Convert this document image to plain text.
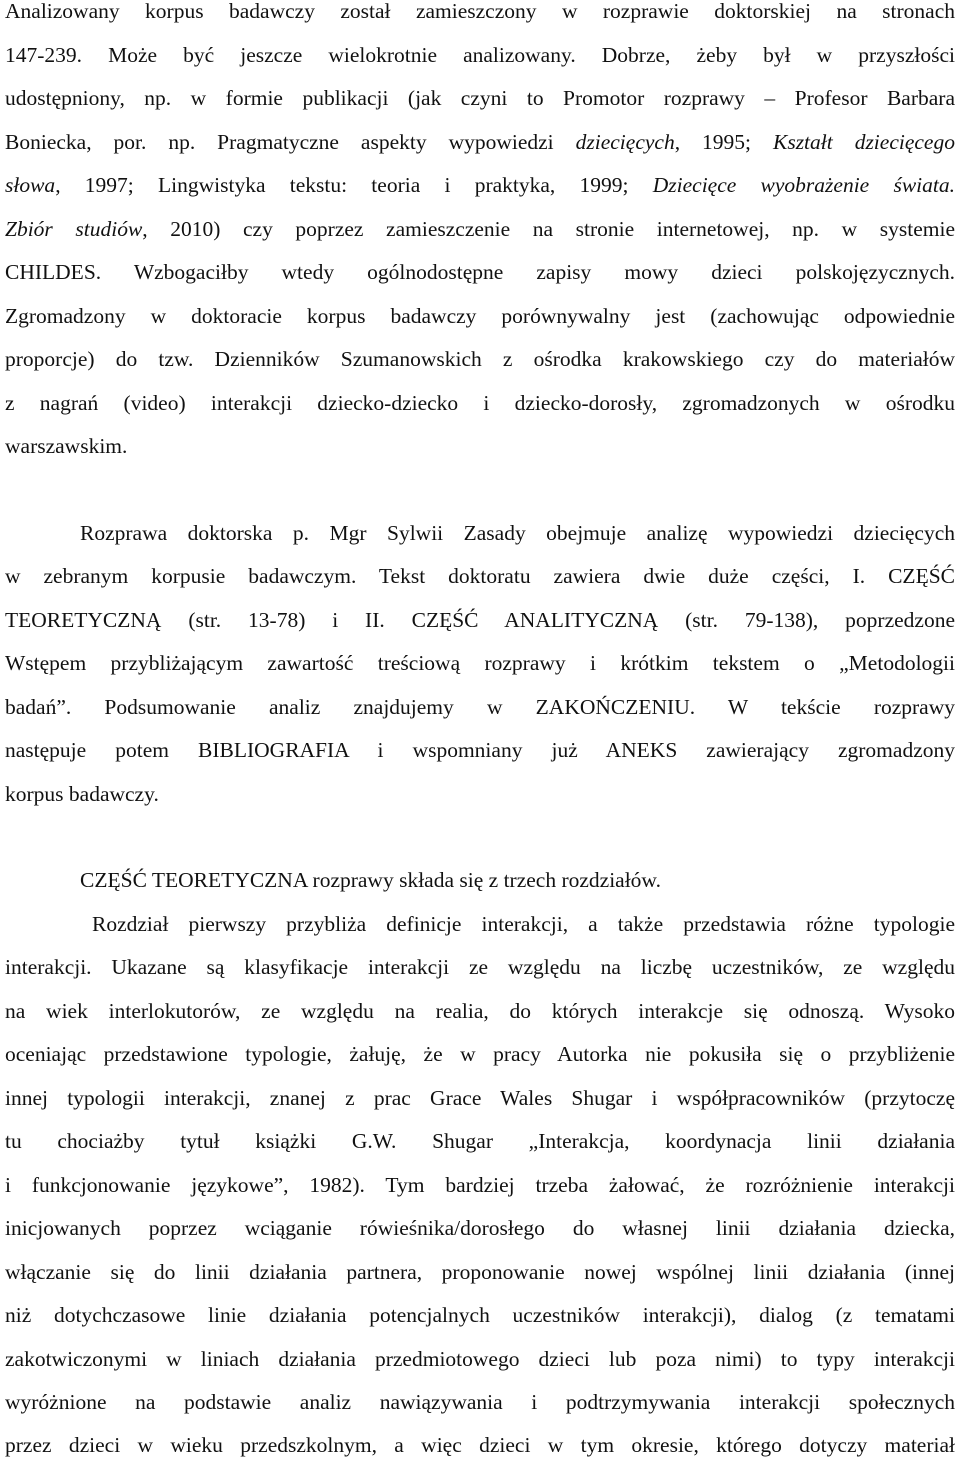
Analizowany korpus badawczy został zamieszczony w rozprawie doktorskiej na stronach
147-239. Może być jeszcze wielokrotnie analizowany. Dobrze, żeby był w przyszłości
udostępniony, np. w formie publikacji (jak czyni to Promotor rozprawy – Profesor Barbara
Boniecka, por. np. Pragmatyczne aspekty wypowiedzi dziecięcych, 1995; Kształt dziecięcego
słowa, 1997; Lingwistyka tekstu: teoria i praktyka, 1999; Dziecięce wyobrażenie świata.
Zbiór studiów, 2010) czy poprzez zamieszczenie na stronie internetowej, np. w systemie
CHILDES. Wzbogaciłby wtedy ogólnodostępne zapisy mowy dzieci polskojęzycznych.
Zgromadzony w doktoracie korpus badawczy porównywalny jest (zachowując odpowiednie
proporcje) do tzw. Dzienników Szumanowskich z ośrodka krakowskiego czy do materiałów
z nagrań (video) interakcji dziecko-dziecko i dziecko-dorosły, zgromadzonych w ośrodku
warszawskim.
Rozprawa doktorska p. Mgr Sylwii Zasady obejmuje analizę wypowiedzi dziecięcych
w zebranym korpusie badawczym. Tekst doktoratu zawiera dwie duże części, I. CZĘŚĆ
TEORETYCZNĄ (str. 13-78) i II. CZĘŚĆ ANALITYCZNĄ (str. 79-138), poprzedzone
Wstępem przybliżającym zawartość treściową rozprawy i krótkim tekstem o „Metodologii
badań”. Podsumowanie analiz znajdujemy w ZAKOŃCZENIU. W tekście rozprawy
następuje potem BIBLIOGRAFIA i wspomniany już ANEKS zawierający zgromadzony
korpus badawczy.
CZĘŚĆ TEORETYCZNA rozprawy składa się z trzech rozdziałów.
Rozdział pierwszy przybliża definicje interakcji, a także przedstawia różne typologie
interakcji. Ukazane są klasyfikacje interakcji ze względu na liczbę uczestników, ze względu
na wiek interlokutorów, ze względu na realia, do których interakcje się odnoszą. Wysoko
oceniając przedstawione typologie, żałuję, że w pracy Autorka nie pokusiła się o przybliżenie
innej typologii interakcji, znanej z prac Grace Wales Shugar i współpracowników (przytoczę
tu chociażby tytuł książki G.W. Shugar „Interakcja, koordynacja linii działania
i funkcjonowanie językowe”, 1982). Tym bardziej trzeba żałować, że rozróżnienie interakcji
inicjowanych poprzez wciąganie rówieśnika/dorosłego do własnej linii działania dziecka,
włączanie się do linii działania partnera, proponowanie nowej wspólnej linii działania (innej
niż dotychczasowe linie działania potencjalnych uczestników interakcji), dialog (z tematami
zakotwiczonymi w liniach działania przedmiotowego dzieci lub poza nimi) to typy interakcji
wyróżnione na podstawie analiz nawiązywania i podtrzymywania interakcji społecznych
przez dzieci w wieku przedszkolnym, a więc dzieci w tym okresie, którego dotyczy materiał
